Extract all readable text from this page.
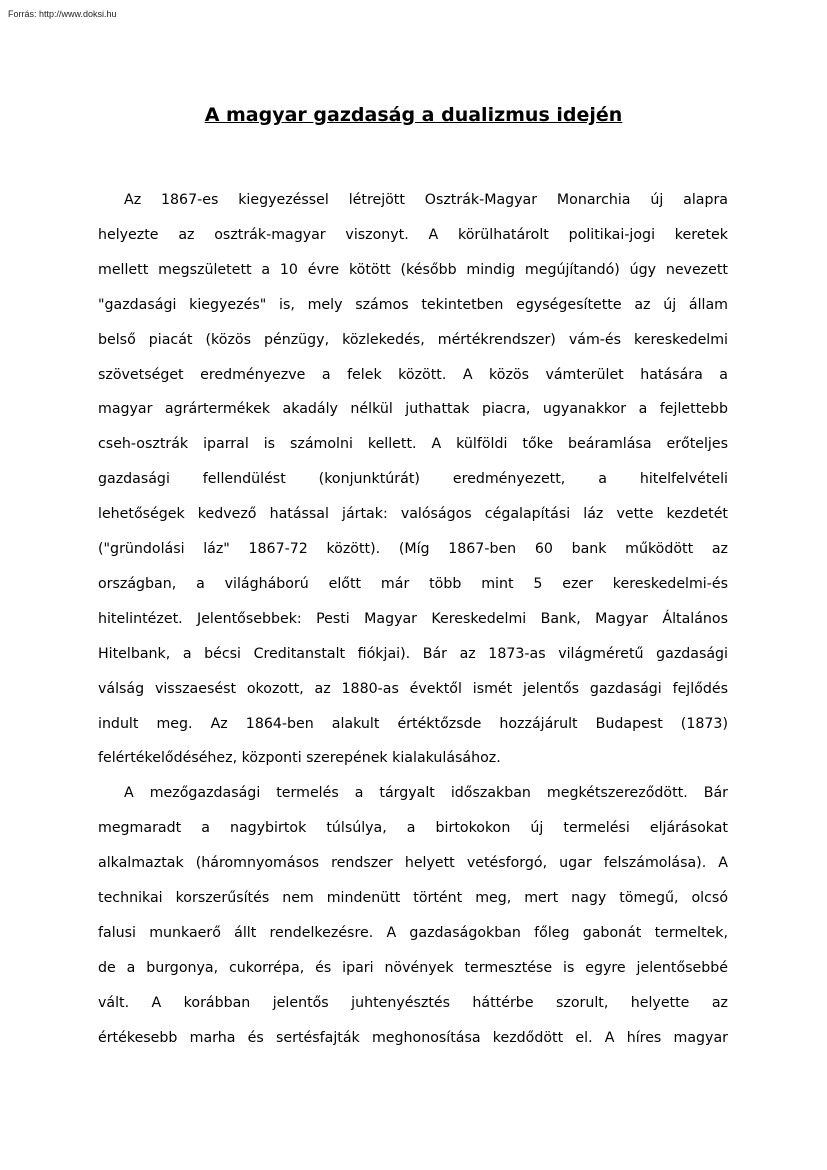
Forrás: http://www.doksi.hu
A magyar gazdaság a dualizmus idején
Az 1867-es kiegyezéssel létrejött Osztrák-Magyar Monarchia új alapra
helyezte az osztrák-magyar viszonyt. A körülhatárolt politikai-jogi keretek
mellett megszületett a 10 évre kötött (később mindig megújítandó) úgy nevezett
"gazdasági kiegyezés" is, mely számos tekintetben egységesítette az új állam
belső piacát (közös pénzügy, közlekedés, mértékrendszer) vám-és kereskedelmi
szövetséget eredményezve a felek között. A közös vámterület hatására a
magyar agrártermékek akadály nélkül juthattak piacra, ugyanakkor a fejlettebb
cseh-osztrák iparral is számolni kellett. A külföldi tőke beáramlása erőteljes
gazdasági fellendülést (konjunktúrát) eredményezett, a hitelfelvételi
lehetőségek kedvező hatással jártak: valóságos cégalapítási láz vette kezdetét
("gründolási láz" 1867-72 között). (Míg 1867-ben 60 bank működött az
országban, a világháború előtt már több mint 5 ezer kereskedelmi-és
hitelintézet. Jelentősebbek: Pesti Magyar Kereskedelmi Bank, Magyar Általános
Hitelbank, a bécsi Creditanstalt fiókjai). Bár az 1873-as világméretű gazdasági
válság visszaesést okozott, az 1880-as évektől ismét jelentős gazdasági fejlődés
indult meg. Az 1864-ben alakult értéktőzsde hozzájárult Budapest (1873)
felértékelődéséhez, központi szerepének kialakulásához.
A mezőgazdasági termelés a tárgyalt időszakban megkétszereződött. Bár
megmaradt a nagybirtok túlsúlya, a birtokokon új termelési eljárásokat
alkalmaztak (háromnyomásos rendszer helyett vetésforgó, ugar felszámolása). A
technikai korszerűsítés nem mindenütt történt meg, mert nagy tömegű, olcsó
falusi munkaerő állt rendelkezésre. A gazdaságokban főleg gabonát termeltek,
de a burgonya, cukorrépa, és ipari növények termesztése is egyre jelentősebbé
vált. A korábban jelentős juhtenyésztés háttérbe szorult, helyette az
értékesebb marha és sertésfajták meghonosítása kezdődött el. A híres magyar
